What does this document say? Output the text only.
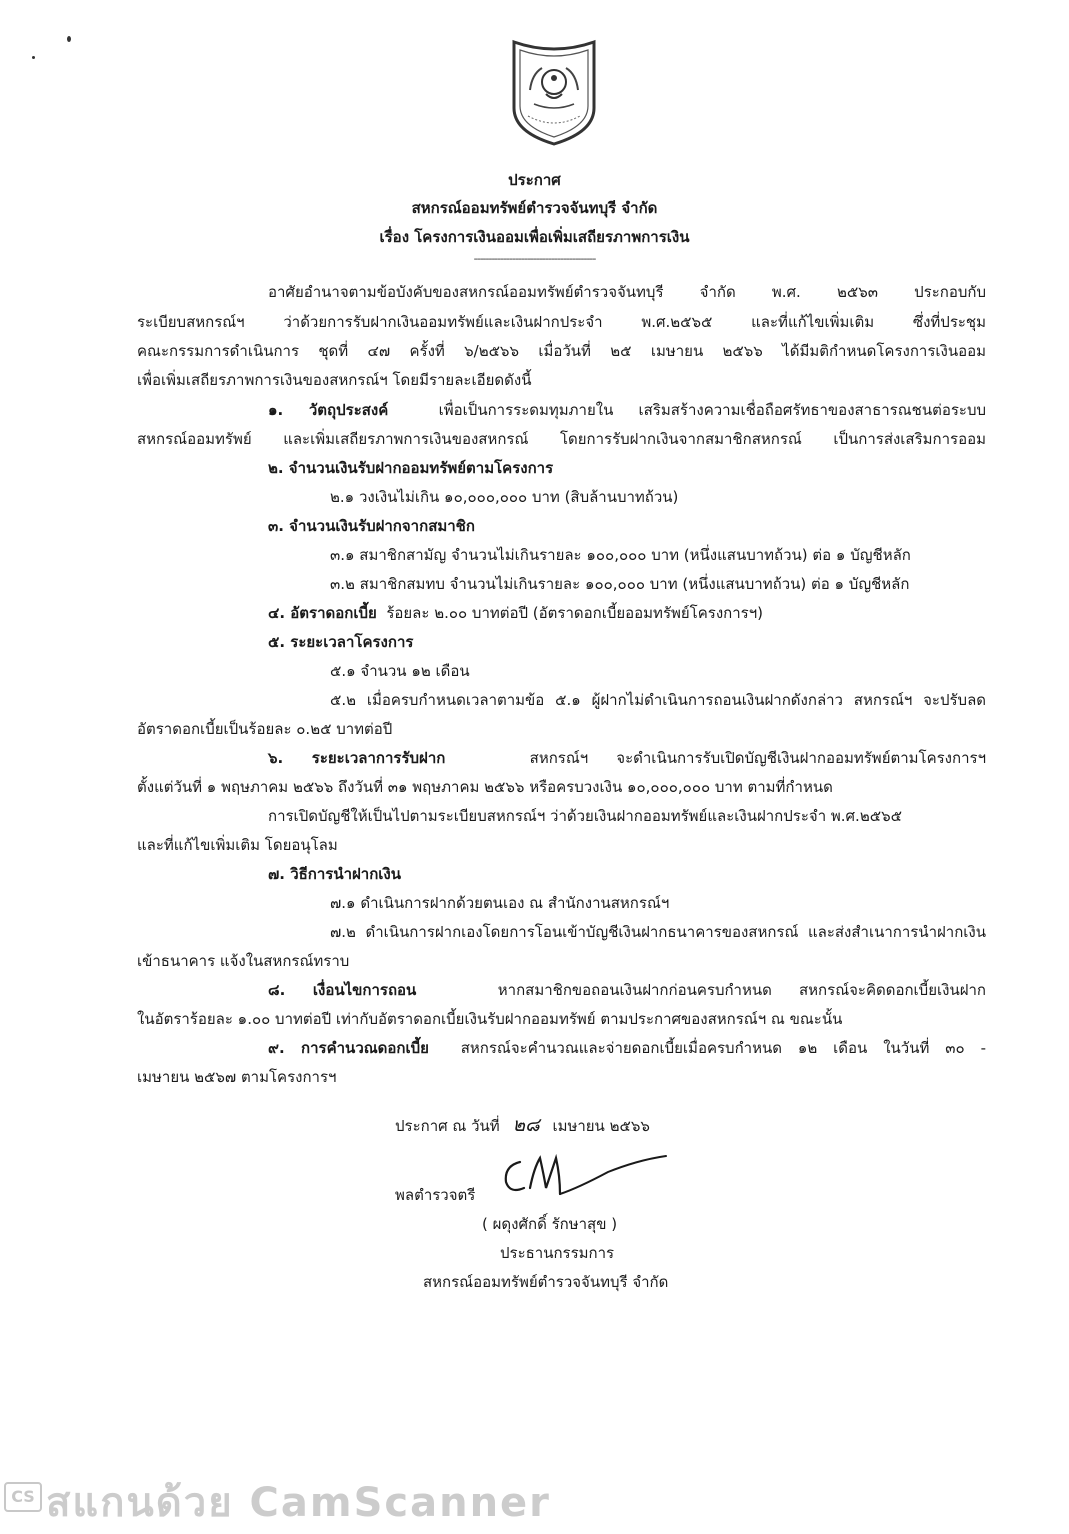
ประกาศ
สหกรณ์ออมทรัพย์ตำรวจจันทบุรี จำกัด
เรื่อง โครงการเงินออมเพื่อเพิ่มเสถียรภาพการเงิน
-----------------------------------------
อาศัยอำนาจตามข้อบังคับของสหกรณ์ออมทรัพย์ตำรวจจันทบุรี จำกัด พ.ศ. ๒๕๖๓ ประกอบกับ
ระเบียบสหกรณ์ฯ ว่าด้วยการรับฝากเงินออมทรัพย์และเงินฝากประจำ พ.ศ.๒๕๖๕ และที่แก้ไขเพิ่มเติม ซึ่งที่ประชุม
คณะกรรมการดำเนินการ ชุดที่ ๔๗ ครั้งที่ ๖/๒๕๖๖ เมื่อวันที่ ๒๕ เมษายน ๒๕๖๖ ได้มีมติกำหนดโครงการเงินออม
เพื่อเพิ่มเสถียรภาพการเงินของสหกรณ์ฯ โดยมีรายละเอียดดังนี้
๑. วัตถุประสงค์	เพื่อเป็นการระดมทุมภายใน เสริมสร้างความเชื่อถือศรัทธาของสาธารณชนต่อระบบ
สหกรณ์ออมทรัพย์ และเพิ่มเสถียรภาพการเงินของสหกรณ์ โดยการรับฝากเงินจากสมาชิกสหกรณ์ เป็นการส่งเสริมการออม
๒. จำนวนเงินรับฝากออมทรัพย์ตามโครงการ
๒.๑ วงเงินไม่เกิน ๑๐,๐๐๐,๐๐๐ บาท (สิบล้านบาทถ้วน)
๓. จำนวนเงินรับฝากจากสมาชิก
๓.๑ สมาชิกสามัญ จำนวนไม่เกินรายละ ๑๐๐,๐๐๐ บาท (หนึ่งแสนบาทถ้วน) ต่อ ๑ บัญชีหลัก
๓.๒ สมาชิกสมทบ จำนวนไม่เกินรายละ ๑๐๐,๐๐๐ บาท (หนึ่งแสนบาทถ้วน) ต่อ ๑ บัญชีหลัก
๔. อัตราดอกเบี้ย ร้อยละ ๒.๐๐ บาทต่อปี (อัตราดอกเบี้ยออมทรัพย์โครงการฯ)
๕. ระยะเวลาโครงการ
๕.๑ จำนวน ๑๒ เดือน
๕.๒ เมื่อครบกำหนดเวลาตามข้อ ๕.๑ ผู้ฝากไม่ดำเนินการถอนเงินฝากดังกล่าว สหกรณ์ฯ จะปรับลด
อัตราดอกเบี้ยเป็นร้อยละ ๐.๒๕ บาทต่อปี
๖. ระยะเวลาการรับฝาก	สหกรณ์ฯ จะดำเนินการรับเปิดบัญชีเงินฝากออมทรัพย์ตามโครงการฯ
ตั้งแต่วันที่ ๑ พฤษภาคม ๒๕๖๖ ถึงวันที่ ๓๑ พฤษภาคม ๒๕๖๖ หรือครบวงเงิน ๑๐,๐๐๐,๐๐๐ บาท ตามที่กำหนด
การเปิดบัญชีให้เป็นไปตามระเบียบสหกรณ์ฯ ว่าด้วยเงินฝากออมทรัพย์และเงินฝากประจำ พ.ศ.๒๕๖๕
และที่แก้ไขเพิ่มเติม โดยอนุโลม
๗. วิธีการนำฝากเงิน
๗.๑ ดำเนินการฝากด้วยตนเอง ณ สำนักงานสหกรณ์ฯ
๗.๒ ดำเนินการฝากเองโดยการโอนเข้าบัญชีเงินฝากธนาคารของสหกรณ์ และส่งสำเนาการนำฝากเงิน
เข้าธนาคาร แจ้งในสหกรณ์ทราบ
๘. เงื่อนไขการถอน	หากสมาชิกขอถอนเงินฝากก่อนครบกำหนด สหกรณ์จะคิดดอกเบี้ยเงินฝาก
ในอัตราร้อยละ ๑.๐๐ บาทต่อปี เท่ากับอัตราดอกเบี้ยเงินรับฝากออมทรัพย์ ตามประกาศของสหกรณ์ฯ ณ ขณะนั้น
๙. การคำนวณดอกเบี้ย สหกรณ์จะคำนวณและจ่ายดอกเบี้ยเมื่อครบกำหนด ๑๒ เดือน ในวันที่ ๓๐ -
เมษายน ๒๕๖๗ ตามโครงการฯ
ประกาศ ณ วันที่ ๒๘ เมษายน ๒๕๖๖
พลตำรวจตรี
( ผดุงศักดิ์ รักษาสุข )
ประธานกรรมการ
สหกรณ์ออมทรัพย์ตำรวจจันทบุรี จำกัด
CS สแกนด้วย CamScanner
